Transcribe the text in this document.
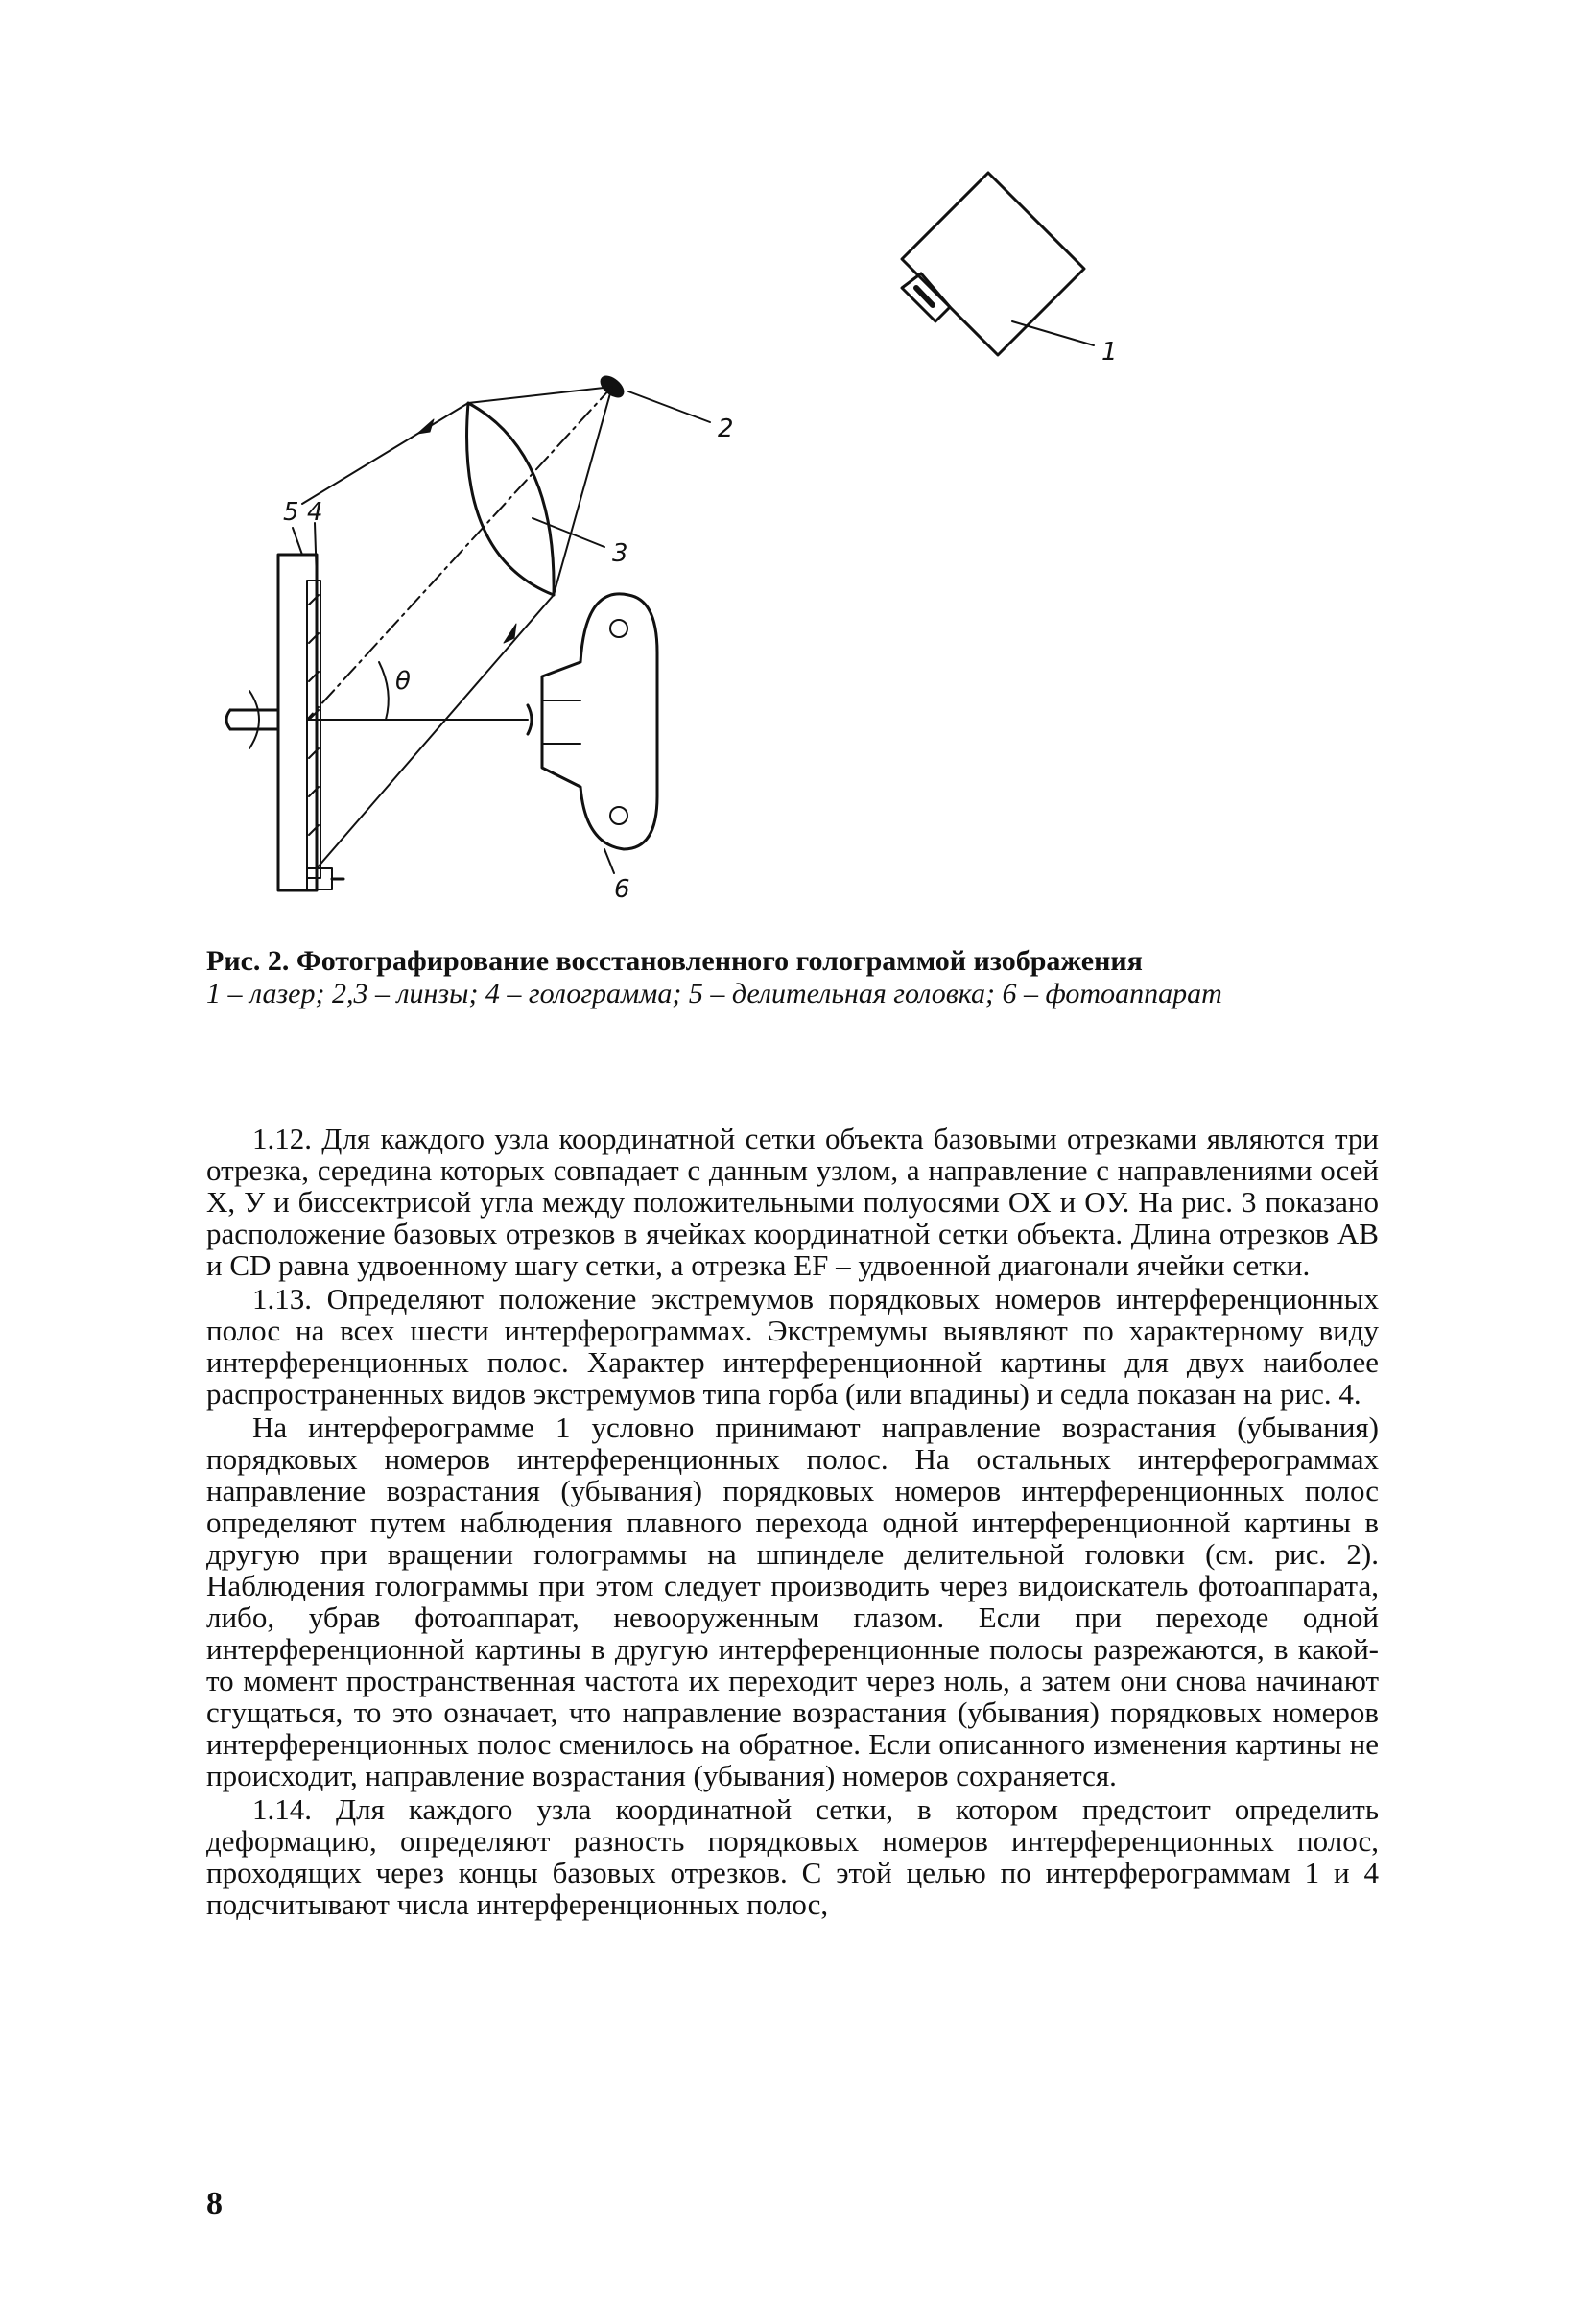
1
2
3
4
5
6
θ

Рис. 2. Фотографирование восстановленного голограммой изображения

1 – лазер; 2,3 – линзы; 4 – голограмма; 5 – делительная головка; 6 – фотоаппарат

1.12. Для каждого узла координатной сетки объекта базовыми отрезками являются три отрезка, середина которых совпадает с данным узлом, а направление с направлениями осей X, У и биссектрисой угла между положительными полуосями OX и OУ. На рис. 3 показано расположение базовых отрезков в ячейках координатной сетки объекта. Длина отрезков AB и CD равна удвоенному шагу сетки, а отрезка EF – удвоенной диагонали ячейки сетки.

1.13. Определяют положение экстремумов порядковых номеров интерференционных полос на всех шести интерферограммах. Экстремумы выявляют по характерному виду интерференционных полос. Характер интерференционной картины для двух наиболее распространенных видов экстремумов типа горба (или впадины) и седла показан на рис. 4.

На интерферограмме 1 условно принимают направление возрастания (убывания) порядковых номеров интерференционных полос. На остальных интерферограммах направление возрастания (убывания) порядковых номеров интерференционных полос определяют путем наблюдения плавного перехода одной интерференционной картины в другую при вращении голограммы на шпинделе делительной головки (см. рис. 2). Наблюдения голограммы при этом следует производить через видоискатель фотоаппарата, либо, убрав фотоаппарат, невооруженным глазом. Если при переходе одной интерференционной картины в другую интерференционные полосы разрежаются, в какой-то момент пространственная частота их переходит через ноль, а затем они снова начинают сгущаться, то это означает, что направление возрастания (убывания) порядковых номеров интерференционных полос сменилось на обратное. Если описанного изменения картины не происходит, направление возрастания (убывания) номеров сохраняется.

1.14. Для каждого узла координатной сетки, в котором предстоит определить деформацию, определяют разность порядковых номеров интерференционных полос, проходящих через концы базовых отрезков. С этой целью по интерферограммам 1 и 4 подсчитывают числа интерференционных полос,

8
